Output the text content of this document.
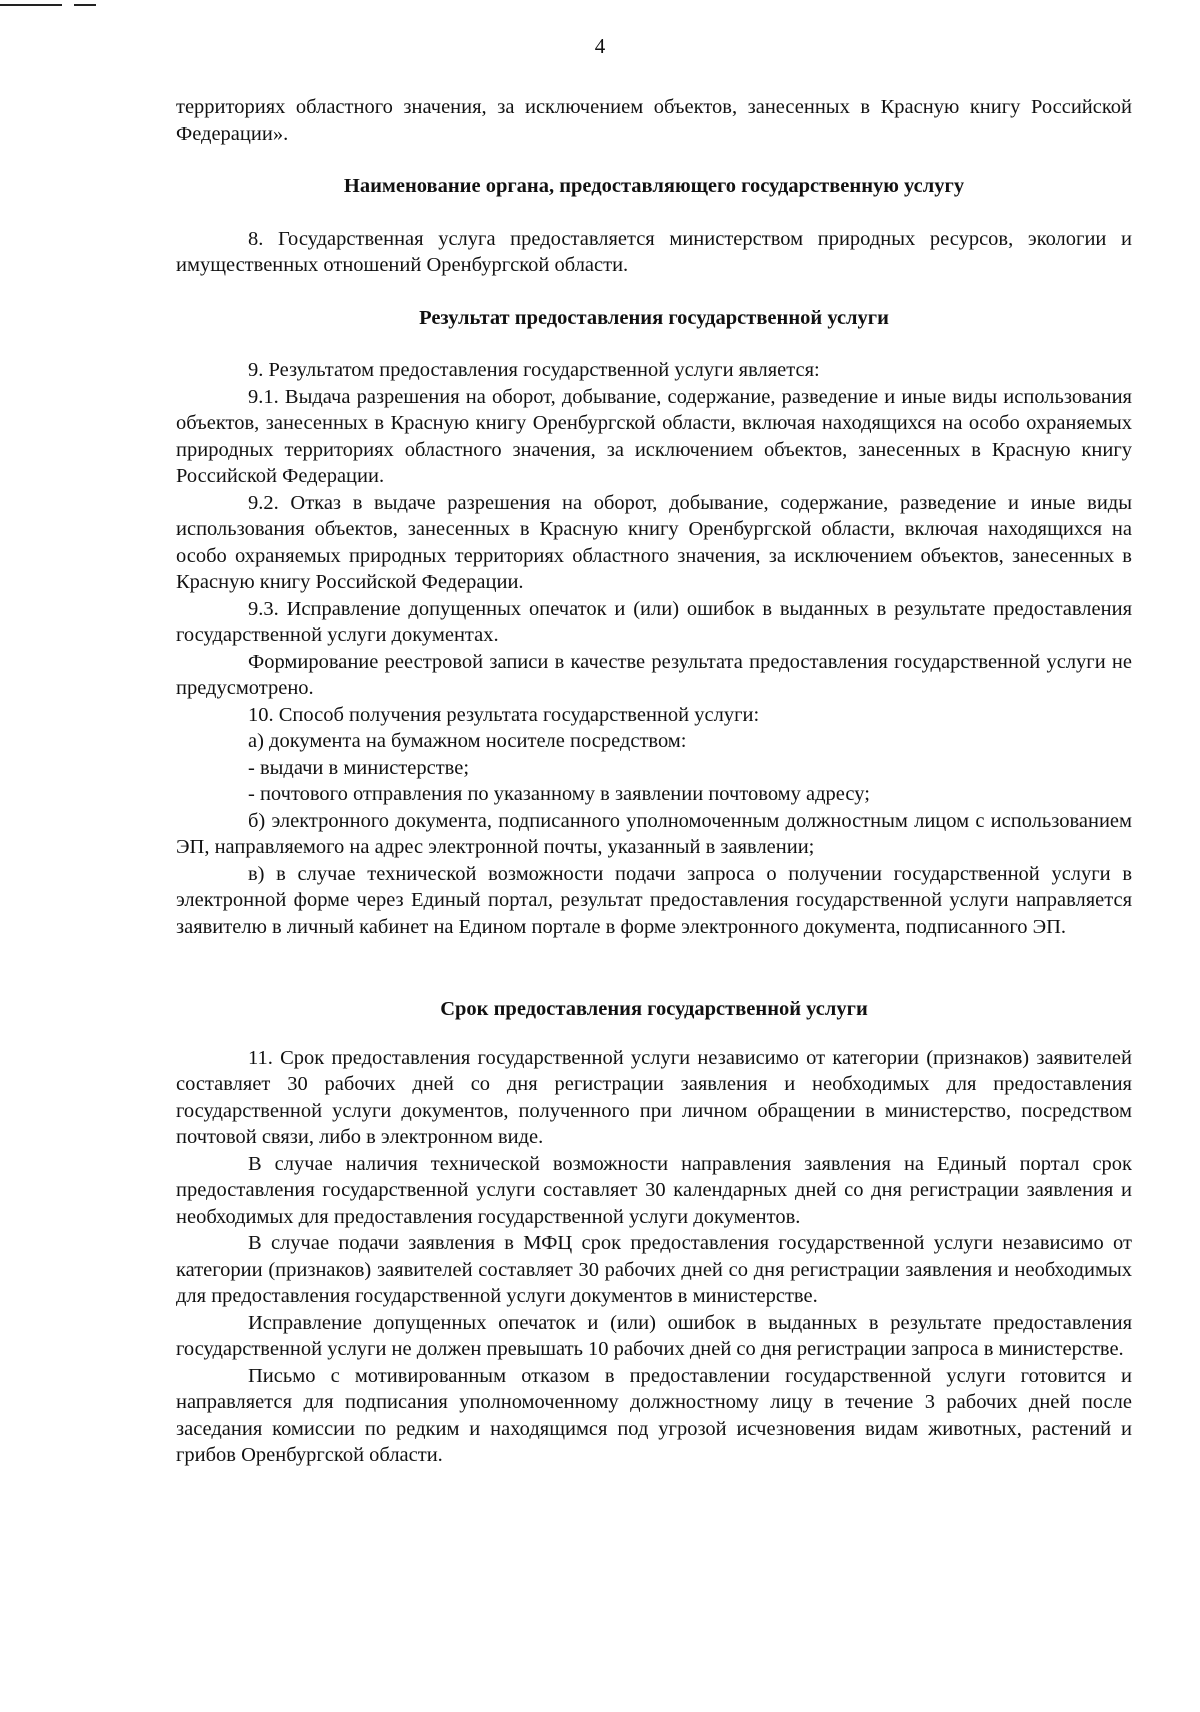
4

территориях областного значения, за исключением объектов, занесенных в Красную книгу Российской Федерации».

Наименование органа, предоставляющего государственную услугу

8. Государственная услуга предоставляется министерством природных ресурсов, экологии и имущественных отношений Оренбургской области.

Результат предоставления государственной услуги

9. Результатом предоставления государственной услуги является:

9.1. Выдача разрешения на оборот, добывание, содержание, разведение и иные виды использования объектов, занесенных в Красную книгу Оренбургской области, включая находящихся на особо охраняемых природных территориях областного значения, за исключением объектов, занесенных в Красную книгу Российской Федерации.

9.2. Отказ в выдаче разрешения на оборот, добывание, содержание, разведение и иные виды использования объектов, занесенных в Красную книгу Оренбургской области, включая находящихся на особо охраняемых природных территориях областного значения, за исключением объектов, занесенных в Красную книгу Российской Федерации.

9.3. Исправление допущенных опечаток и (или) ошибок в выданных в результате предоставления государственной услуги документах.

Формирование реестровой записи в качестве результата предоставления государственной услуги не предусмотрено.

10. Способ получения результата государственной услуги:

а) документа на бумажном носителе посредством:

- выдачи в министерстве;

- почтового отправления по указанному в заявлении почтовому адресу;

б) электронного документа, подписанного уполномоченным должностным лицом с использованием ЭП, направляемого на адрес электронной почты, указанный в заявлении;

в) в случае технической возможности подачи запроса о получении государственной услуги в электронной форме через Единый портал, результат предоставления государственной услуги направляется заявителю в личный кабинет на Едином портале в форме электронного документа, подписанного ЭП.

Срок предоставления государственной услуги

11. Срок предоставления государственной услуги независимо от категории (признаков) заявителей составляет 30 рабочих дней со дня регистрации заявления и необходимых для предоставления государственной услуги документов, полученного при личном обращении в министерство, посредством почтовой связи, либо в электронном виде.

В случае наличия технической возможности направления заявления на Единый портал срок предоставления государственной услуги составляет 30 календарных дней со дня регистрации заявления и необходимых для предоставления государственной услуги документов.

В случае подачи заявления в МФЦ срок предоставления государственной услуги независимо от категории (признаков) заявителей составляет 30 рабочих дней со дня регистрации заявления и необходимых для предоставления государственной услуги документов в министерстве.

Исправление допущенных опечаток и (или) ошибок в выданных в результате предоставления государственной услуги не должен превышать 10 рабочих дней со дня регистрации запроса в министерстве.

Письмо с мотивированным отказом в предоставлении государственной услуги готовится и направляется для подписания уполномоченному должностному лицу в течение 3 рабочих дней после заседания комиссии по редким и находящимся под угрозой исчезновения видам животных, растений и грибов Оренбургской области.
